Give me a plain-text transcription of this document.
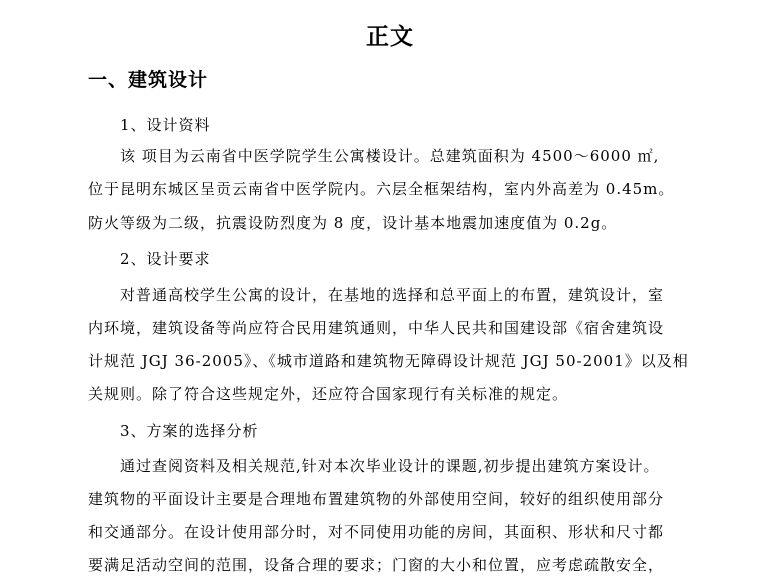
正文
一、建筑设计
1、设计资料
该 项目为云南省中医学院学生公寓楼设计。总建筑面积为 4500～6000 ㎡,
位于昆明东城区呈贡云南省中医学院内。六层全框架结构，室内外高差为 0.45m。
防火等级为二级，抗震设防烈度为 8 度，设计基本地震加速度值为 0.2g。
2、设计要求
对普通高校学生公寓的设计，在基地的选择和总平面上的布置，建筑设计，室
内环境，建筑设备等尚应符合民用建筑通则，中华人民共和国建设部《宿舍建筑设
计规范 JGJ 36-2005》、《城市道路和建筑物无障碍设计规范 JGJ 50-2001》以及相
关规则。除了符合这些规定外，还应符合国家现行有关标准的规定。
3、方案的选择分析
通过查阅资料及相关规范,针对本次毕业设计的课题,初步提出建筑方案设计。
建筑物的平面设计主要是合理地布置建筑物的外部使用空间，较好的组织使用部分
和交通部分。在设计使用部分时，对不同使用功能的房间，其面积、形状和尺寸都
要满足活动空间的范围，设备合理的要求；门窗的大小和位置，应考虑疏散安全，
